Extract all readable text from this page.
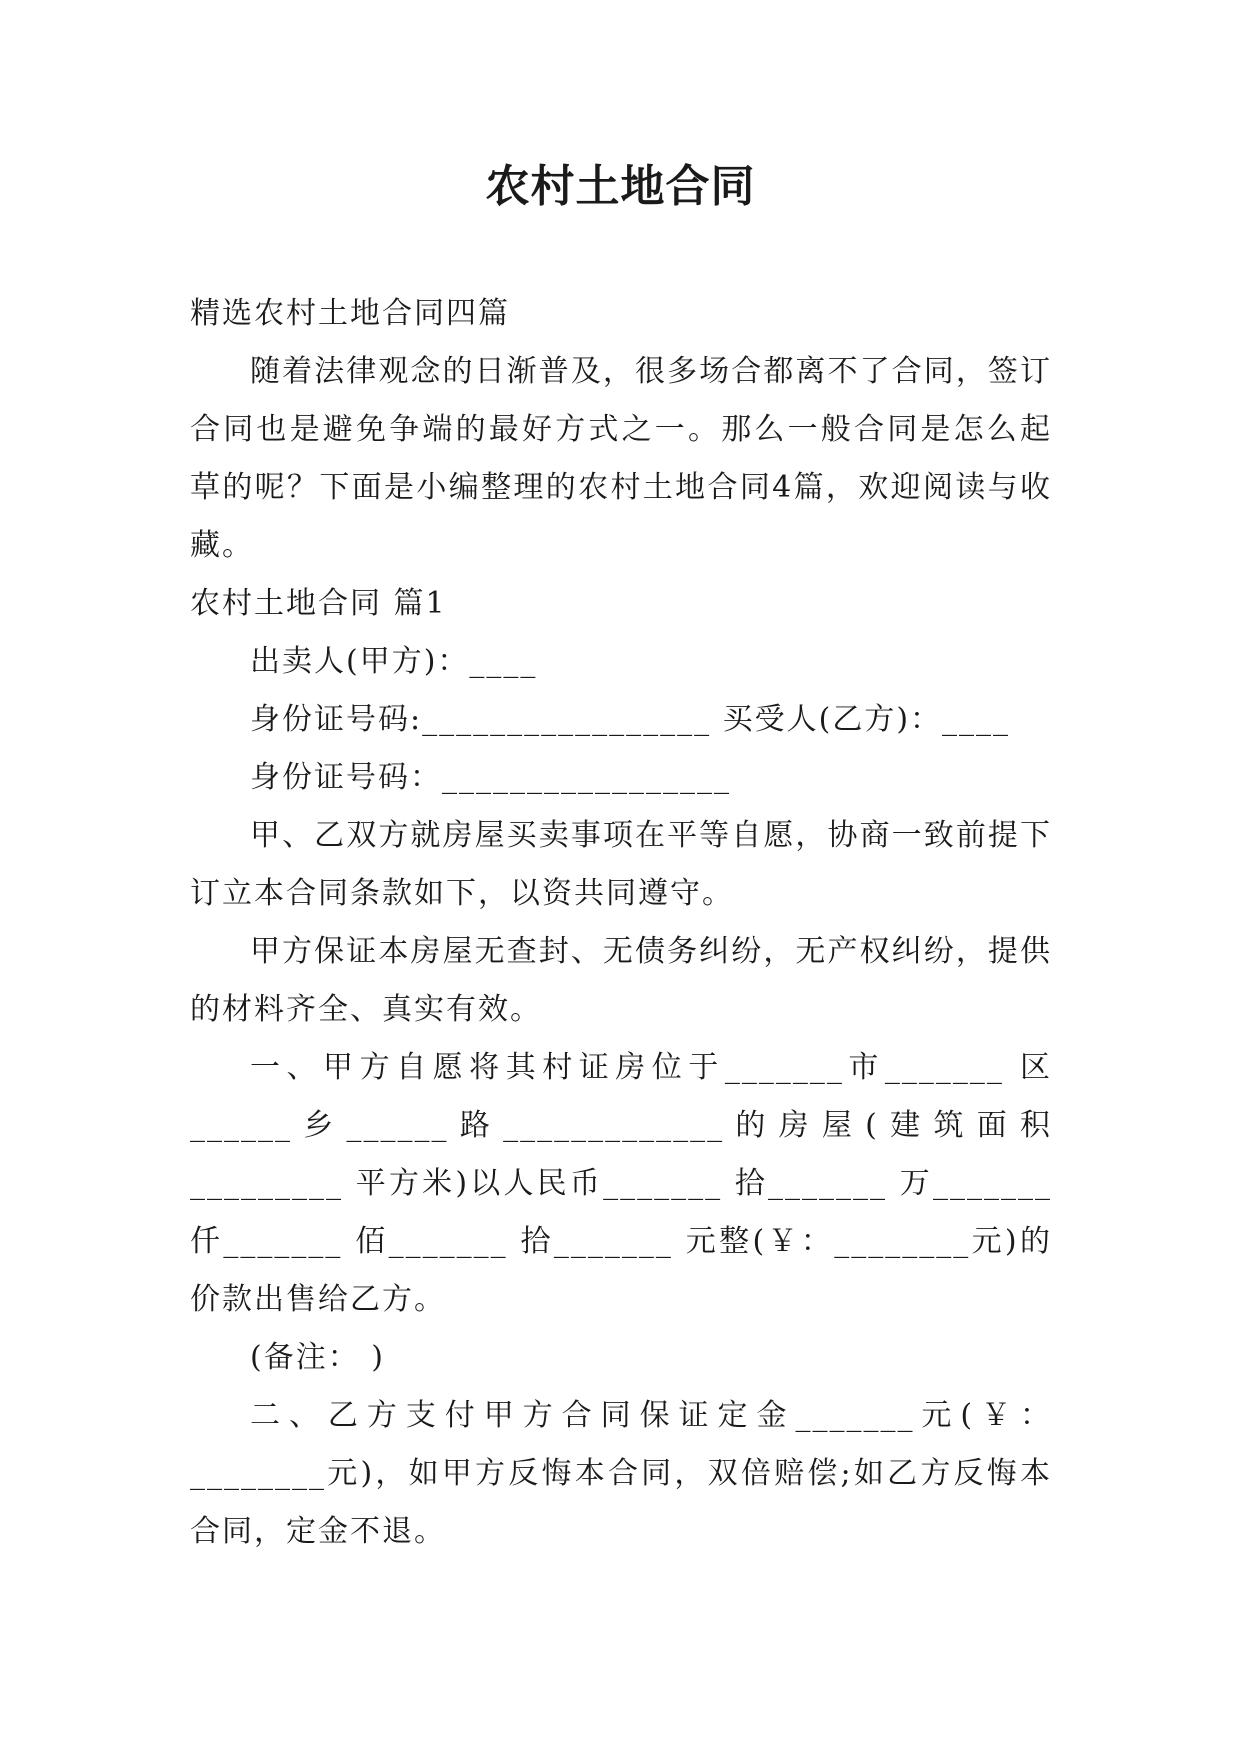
农村土地合同

精选农村土地合同四篇

随着法律观念的日渐普及，很多场合都离不了合同，签订合同也是避免争端的最好方式之一。那么一般合同是怎么起草的呢？下面是小编整理的农村土地合同4篇，欢迎阅读与收藏。

农村土地合同 篇1

出卖人(甲方)：____

身份证号码:_________________ 买受人(乙方)：____

身份证号码：_________________

甲、乙双方就房屋买卖事项在平等自愿，协商一致前提下订立本合同条款如下，以资共同遵守。

甲方保证本房屋无查封、无债务纠纷，无产权纠纷，提供的材料齐全、真实有效。

一、甲方自愿将其村证房位于_______市_______ 区______乡______路_____________的房屋(建筑面积_________ 平方米)以人民币_______ 拾_______ 万_______仟_______ 佰_______ 拾_______ 元整(￥：________元)的价款出售给乙方。

(备注： )

二、乙方支付甲方合同保证定金_______元(￥：________元)，如甲方反悔本合同，双倍赔偿;如乙方反悔本合同，定金不退。
